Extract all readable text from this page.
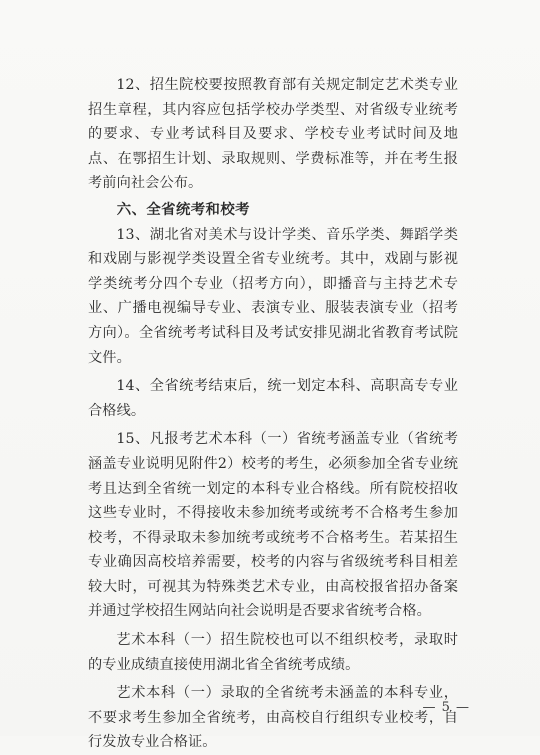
12、招生院校要按照教育部有关规定制定艺术类专业招生章程，其内容应包括学校办学类型、对省级专业统考的要求、专业考试科目及要求、学校专业考试时间及地点、在鄂招生计划、录取规则、学费标准等，并在考生报考前向社会公布。

六、全省统考和校考

13、湖北省对美术与设计学类、音乐学类、舞蹈学类和戏剧与影视学类设置全省专业统考。其中，戏剧与影视学类统考分四个专业（招考方向），即播音与主持艺术专业、广播电视编导专业、表演专业、服装表演专业（招考方向）。全省统考考试科目及考试安排见湖北省教育考试院文件。

14、全省统考结束后，统一划定本科、高职高专专业合格线。

15、凡报考艺术本科（一）省统考涵盖专业（省统考涵盖专业说明见附件2）校考的考生，必须参加全省专业统考且达到全省统一划定的本科专业合格线。所有院校招收这些专业时，不得接收未参加统考或统考不合格考生参加校考，不得录取未参加统考或统考不合格考生。若某招生专业确因高校培养需要，校考的内容与省级统考科目相差较大时，可视其为特殊类艺术专业，由高校报省招办备案并通过学校招生网站向社会说明是否要求省统考合格。

艺术本科（一）招生院校也可以不组织校考，录取时的专业成绩直接使用湖北省全省统考成绩。

艺术本科（一）录取的全省统考未涵盖的本科专业，不要求考生参加全省统考，由高校自行组织专业校考，自行发放专业合格证。

— 5 —
